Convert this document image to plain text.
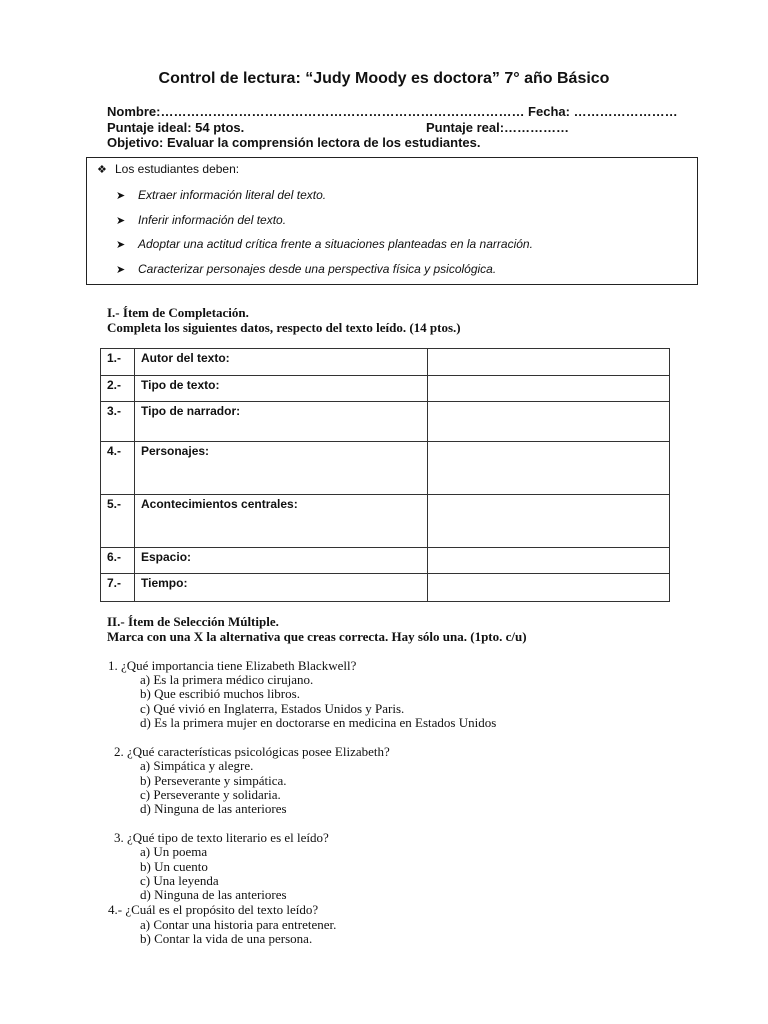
Control de lectura: “Judy Moody es doctora” 7° año Básico
Nombre:………………………………………………………………………… Fecha: ……………………
Puntaje ideal: 54 ptos.	Puntaje real:……………
Objetivo: Evaluar la comprensión lectora de los estudiantes.
❖ Los estudiantes deben:
➤ Extraer información literal del texto.
➤ Inferir información del texto.
➤ Adoptar una actitud crítica frente a situaciones planteadas en la narración.
➤ Caracterizar personajes desde una perspectiva física y psicológica.
I.- Ítem de Completación.
Completa los siguientes datos, respecto del texto leído. (14 ptos.)
1.-	Autor del texto:	
2.-	Tipo de texto:	
3.-	Tipo de narrador:	
4.-	Personajes:	
5.-	Acontecimientos centrales:	
6.-	Espacio:	
7.-	Tiempo:	
II.- Ítem de Selección Múltiple.
Marca con una X la alternativa que creas correcta. Hay sólo una. (1pto. c/u)
1. ¿Qué importancia tiene Elizabeth Blackwell?
a) Es la primera médico cirujano.
b) Que escribió muchos libros.
c) Qué vivió en Inglaterra, Estados Unidos y Paris.
d) Es la primera mujer en doctorarse en medicina en Estados Unidos
2. ¿Qué características psicológicas posee Elizabeth?
a) Simpática y alegre.
b) Perseverante y simpática.
c) Perseverante y solidaria.
d) Ninguna de las anteriores
3. ¿Qué tipo de texto literario es el leído?
a) Un poema
b) Un cuento
c) Una leyenda
d) Ninguna de las anteriores
4.- ¿Cuál es el propósito del texto leído?
a) Contar una historia para entretener.
b) Contar la vida de una persona.
